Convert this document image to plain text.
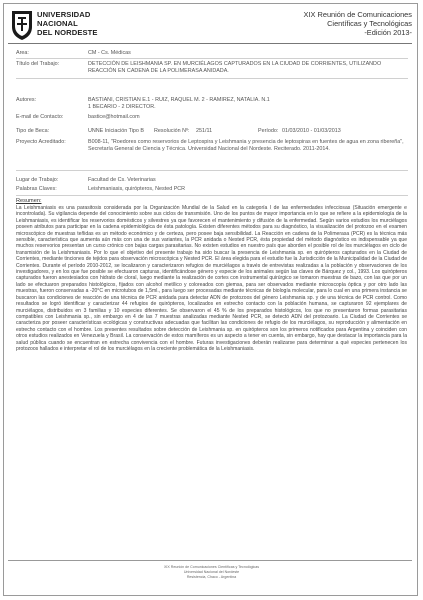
UNIVERSIDAD
NACIONAL
DEL NORDESTE
XIX Reunión de Comunicaciones
Científicas y Tecnológicas
-Edición 2013-
Area:	CM - Cs. Médicas
Título del Trabajo:	DETECCIÓN DE LEISHMANIA SP. EN MURCIÉLAGOS CAPTURADOS EN LA CIUDAD DE CORRIENTES, UTILIZANDO REACCIÓN EN CADENA DE LA POLIMERASA ANIDADA.
Autores:	BASTIANI, CRISTIAN E.1 - RUIZ, RAQUEL M. 2 - RAMIREZ, NATALIA. N.1
1 BECARIO - 2 DIRECTOR.
E-mail de Contacto:	bastice@hotmail.com
Tipo de Beca:	UNNE Iniciación Tipo B Resolución Nº: 251/11	Período: 01/03/2010 - 01/03/2013
Proyecto Acreditado:	B008-11, "Roedores como reservorios de Leptospira y Leishmania y presencia de leptospiras en fuentes de agua en zona ribereña", Secretaría General de Ciencia y Técnica. Universidad Nacional del Nordeste. Reciterado. 2011-2014.
Lugar de Trabajo:	Facultad de Cs. Veterinarias
Palabras Claves:	Leishmaniasis, quirópteros, Nested PCR
Resumen:
La Leishmaniasis es una parasitosis considerada por la Organización Mundial de la Salud en la categoría I de las enfermedades infecciosas (Situación emergente e incontrolada). Su vigilancia depende del conocimiento sobre sus ciclos de transmisión. Uno de los puntos de mayor importancia en lo que se refiere a la epidemiología de la Leishmaniasis, es identificar los reservorios domésticos y silvestres ya que favorecen el mantenimiento y difusión de la enfermedad. Según varios estudios los murciélagos poseen atributos para participar en la cadena epidemiológica de ésta patología. Existen diferentes métodos para su diagnóstico, la visualización del protozoo en el examen microscópico de muestras teñidas es un método económico y de certeza, pero posee baja sensibilidad. La Reacción en cadena de la Polimerasa (PCR) es la técnica más sensible, característica que aumenta aún más con una de sus variantes, la PCR anidada o Nested PCR, ésta propiedad del método diagnóstico es indispensable ya que muchos reservorios presentan un curso crónico con bajas cargas parasitarias. No existen estudios en nuestro país que aborden el posible rol de los murciélagos en ciclo de transmisión de la Leishmaniasis. Por lo que el objetivo del presente trabajo ha sido buscar la presencia de Leishmania sp. en quirópteros capturados en la Ciudad de Corrientes, mediante tinciones de tejidos para observación microscópica y Nested PCR. El área elegida para el estudio fue la Jurisdicción de la Municipalidad de la Ciudad de Corrientes. Durante el período 2010-2012, se localizaron y caracterizaron refugios de murciélagos a través de entrevistas realizadas a la población y observaciones de los investigadores, y en los que fue posible se efectuaron capturas, identificándose género y especie de los animales según las claves de Bárquez y col., 1993. Los quirópteros capturados fueron anestesiados con hidrato de cloral, luego mediante la realización de cortes con instrumental quirúrgico se tomaron muestras de bazo, con las que por un lado se efectuaron preparados histológicos, fijados con alcohol metílico y coloreados con giemsa, para ser observados mediante microscopía óptica y por otro lado las muestras, fueron conservadas a -20°C en microtubos de 1,5ml., para luego ser procesadas mediante técnicas de biología molecular, para lo cual en una primera instancia se buscaron las condiciones de reacción de una técnica de PCR anidada para detectar ADN de protozoos del género Leishmania sp. y de una técnica de PCR control. Como resultados se logró identificar y caracterizar 44 refugios de quirópteros, localizados en estrecho contacto con la población humana, se capturaron 92 ejemplares de murciélagos, distribuidos en 3 familias y 10 especies diferentes. Se observaron el 45 % de los preparados histológicos, los que no presentaron formas parasitarias compatibles con Leishmania sp., sin embargo en 4 de las 7 muestras analizadas mediante Nested PCR, se detectó ADN del protozoario. La Ciudad de Corrientes se caracteriza por poseer características ecológicas y constructivas adecuadas que facilitan las condiciones de refugio de los murciélagos, su reproducción y alimentación en estrecho contacto con el hombre. Los presentes resultados sobre detección de Leishmania sp. en quirópteros son los primeros notificados para Argentina y coinciden con otros estudios realizados en Venezuela y Brasil. La conservación de estos mamíferos es un aspecto a tener en cuenta, sin embargo, hay que destacar la importancia para la salud pública cuando se encuentran en estrecha convivencia con el hombre. Futuras investigaciones deberán realizarse para determinar a qué especies pertenecen los protozoos hallados e interpretar el rol de los murciélagos en la creciente problemática de la Leishmaniasis.
XIX Reunión de Comunicaciones Científicas y Tecnológicas
Universidad Nacional del Nordeste
Resistencia, Chaco - Argentina
